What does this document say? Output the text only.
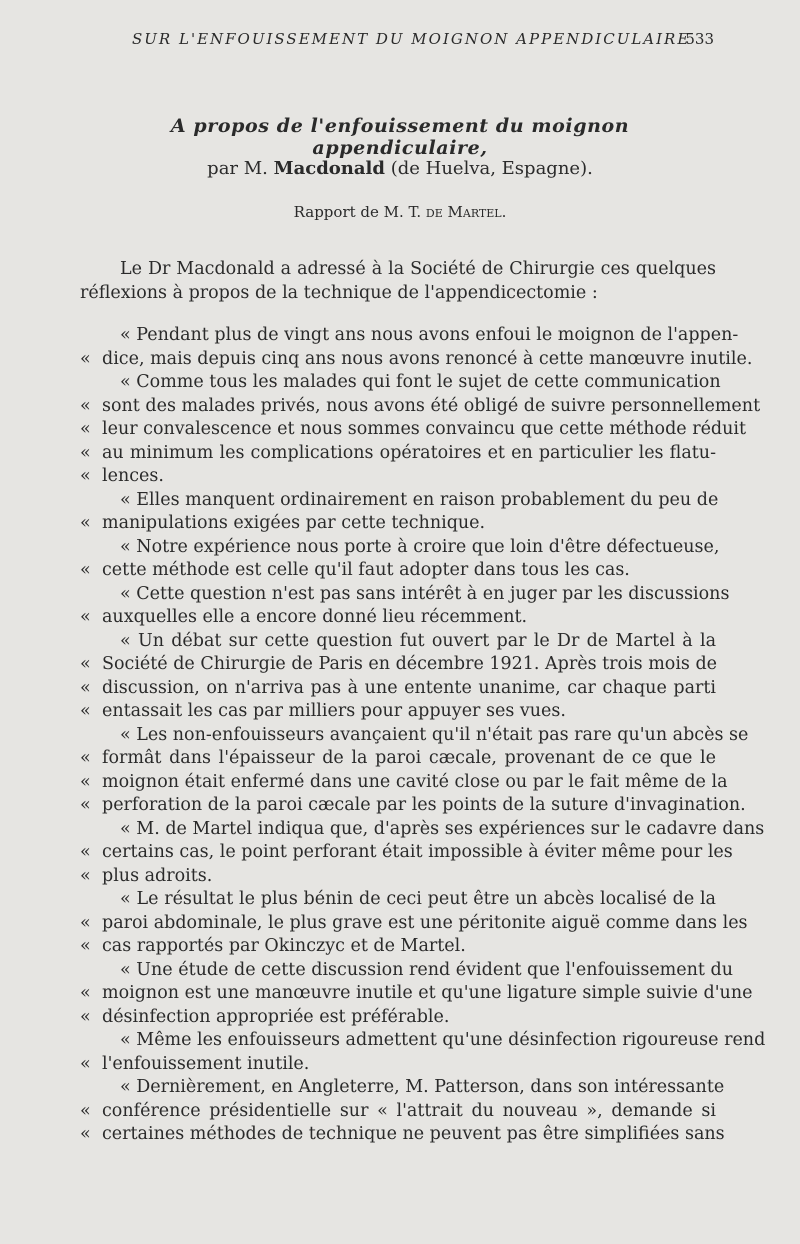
SUR L'ENFOUISSEMENT DU MOIGNON APPENDICULAIRE
533
A propos de l'enfouissement du moignon appendiculaire,
par M. Macdonald (de Huelva, Espagne).
Rapport de M. T. de Martel.
Le Dr Macdonald a adressé à la Société de Chirurgie ces quelques
réflexions à propos de la technique de l'appendicectomie :
« Pendant plus de vingt ans nous avons enfoui le moignon de l'appen-
« dice, mais depuis cinq ans nous avons renoncé à cette manœuvre inutile.
« Comme tous les malades qui font le sujet de cette communication
« sont des malades privés, nous avons été obligé de suivre personnellement
« leur convalescence et nous sommes convaincu que cette méthode réduit
« au minimum les complications opératoires et en particulier les flatu-
« lences.
« Elles manquent ordinairement en raison probablement du peu de
« manipulations exigées par cette technique.
« Notre expérience nous porte à croire que loin d'être défectueuse,
« cette méthode est celle qu'il faut adopter dans tous les cas.
« Cette question n'est pas sans intérêt à en juger par les discussions
« auxquelles elle a encore donné lieu récemment.
« Un débat sur cette question fut ouvert par le Dr de Martel à la
« Société de Chirurgie de Paris en décembre 1921. Après trois mois de
« discussion, on n'arriva pas à une entente unanime, car chaque parti
« entassait les cas par milliers pour appuyer ses vues.
« Les non-enfouisseurs avançaient qu'il n'était pas rare qu'un abcès se
« formât dans l'épaisseur de la paroi cæcale, provenant de ce que le
« moignon était enfermé dans une cavité close ou par le fait même de la
« perforation de la paroi cæcale par les points de la suture d'invagination.
« M. de Martel indiqua que, d'après ses expériences sur le cadavre dans
« certains cas, le point perforant était impossible à éviter même pour les
« plus adroits.
« Le résultat le plus bénin de ceci peut être un abcès localisé de la
« paroi abdominale, le plus grave est une péritonite aiguë comme dans les
« cas rapportés par Okinczyc et de Martel.
« Une étude de cette discussion rend évident que l'enfouissement du
« moignon est une manœuvre inutile et qu'une ligature simple suivie d'une
« désinfection appropriée est préférable.
« Même les enfouisseurs admettent qu'une désinfection rigoureuse rend
« l'enfouissement inutile.
« Dernièrement, en Angleterre, M. Patterson, dans son intéressante
« conférence présidentielle sur « l'attrait du nouveau », demande si
« certaines méthodes de technique ne peuvent pas être simplifiées sans
